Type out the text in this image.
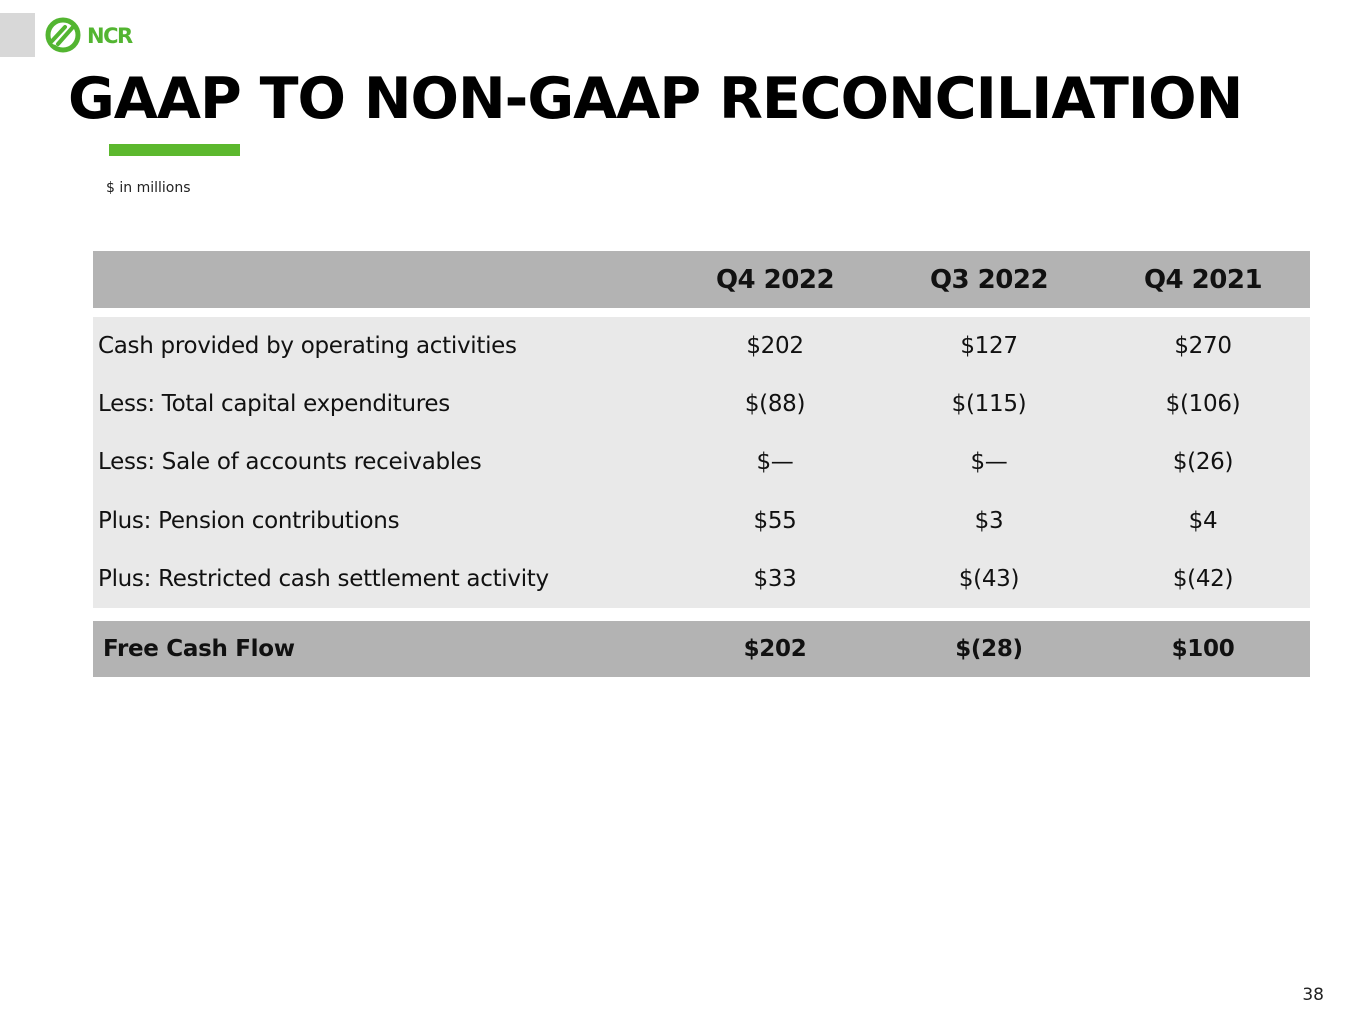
NCR
GAAP TO NON-GAAP RECONCILIATION
$ in millions
Q4 2022	Q3 2022	Q4 2021
Cash provided by operating activities	$202	$127	$270
Less: Total capital expenditures	$(88)	$(115)	$(106)
Less: Sale of accounts receivables	$—	$—	$(26)
Plus: Pension contributions	$55	$3	$4
Plus: Restricted cash settlement activity	$33	$(43)	$(42)
Free Cash Flow	$202	$(28)	$100
38
